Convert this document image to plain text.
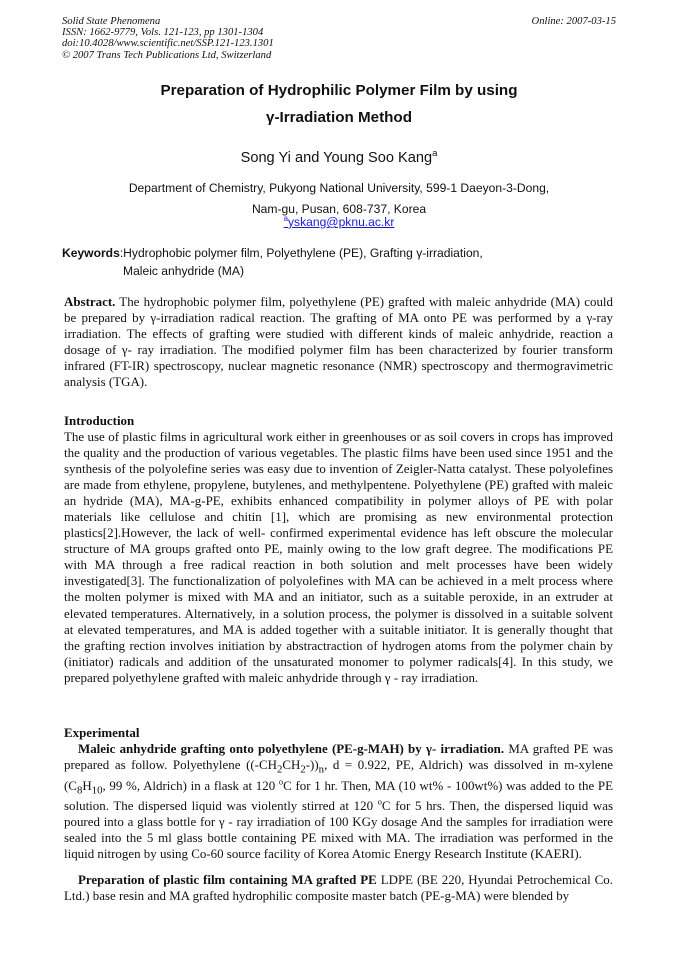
Solid State Phenomena
ISSN: 1662-9779, Vols. 121-123, pp 1301-1304
doi:10.4028/www.scientific.net/SSP.121-123.1301
© 2007 Trans Tech Publications Ltd, Switzerland
Online: 2007-03-15
Preparation of Hydrophilic Polymer Film by using
γ-Irradiation Method
Song Yi and Young Soo Kang$^a$
Department of Chemistry, Pukyong National University, 599-1 Daeyon-3-Dong,
Nam-gu, Pusan, 608-737, Korea
$^a$yskang@pknu.ac.kr
Keywords:Hydrophobic polymer film, Polyethylene (PE), Grafting γ-irradiation,
Maleic anhydride (MA)

Abstract. The hydrophobic polymer film, polyethylene (PE) grafted with maleic anhydride (MA) could be prepared by γ-irradiation radical reaction. The grafting of MA onto PE was performed by a γ-ray irradiation. The effects of grafting were studied with different kinds of maleic anhydride, reaction a dosage of γ- ray irradiation. The modified polymer film has been characterized by fourier transform infrared (FT-IR) spectroscopy, nuclear magnetic resonance (NMR) spectroscopy and thermogravimetric analysis (TGA).

Introduction

The use of plastic films in agricultural work either in greenhouses or as soil covers in crops has improved the quality and the production of various vegetables. The plastic films have been used since 1951 and the synthesis of the polyolefine series was easy due to invention of Zeigler-Natta catalyst. These polyolefines are made from ethylene, propylene, butylenes, and methylpentene. Polyethylene (PE) grafted with maleic an hydride (MA), MA-g-PE, exhibits enhanced compatibility in polymer alloys of PE with polar materials like cellulose and chitin [1], which are promising as new environmental protection plastics[2].However, the lack of well- confirmed experimental evidence has left obscure the molecular structure of MA groups grafted onto PE, mainly owing to the low graft degree. The modifications PE with MA through a free radical reaction in both solution and melt processes have been widely investigated[3]. The functionalization of polyolefines with MA can be achieved in a melt process where the molten polymer is mixed with MA and an initiator, such as a suitable peroxide, in an extruder at elevated temperatures. Alternatively, in a solution process, the polymer is dissolved in a suitable solvent at elevated temperatures, and MA is added together with a suitable initiator. It is generally thought that the grafting rection involves initiation by abstractraction of hydrogen atoms from the polymer chain by (initiator) radicals and addition of the unsaturated monomer to polymer radicals[4]. In this study, we prepared polyethylene grafted with maleic anhydride through γ - ray irradiation.

Experimental

Maleic anhydride grafting onto polyethylene (PE-g-MAH) by γ- irradiation. MA grafted PE was prepared as follow. Polyethylene $((-CH_2CH_2-))_n$, d = 0.922, PE, Aldrich) was dissolved in m-xylene ($C_8H_{10}$, 99 %, Aldrich) in a flask at 120 $^o$C for 1 hr. Then, MA (10 wt% - 100wt%) was added to the PE solution. The dispersed liquid was violently stirred at 120 $^o$C for 5 hrs. Then, the dispersed liquid was poured into a glass bottle for γ - ray irradiation of 100 KGy dosage And the samples for irradiation were sealed into the 5 ml glass bottle containing PE mixed with MA. The irradiation was performed in the liquid nitrogen by using Co-60 source facility of Korea Atomic Energy Research Institute (KAERI).

Preparation of plastic film containing MA grafted PE LDPE (BE 220, Hyundai Petrochemical Co. Ltd.) base resin and MA grafted hydrophilic composite master batch (PE-g-MA) were blended by
